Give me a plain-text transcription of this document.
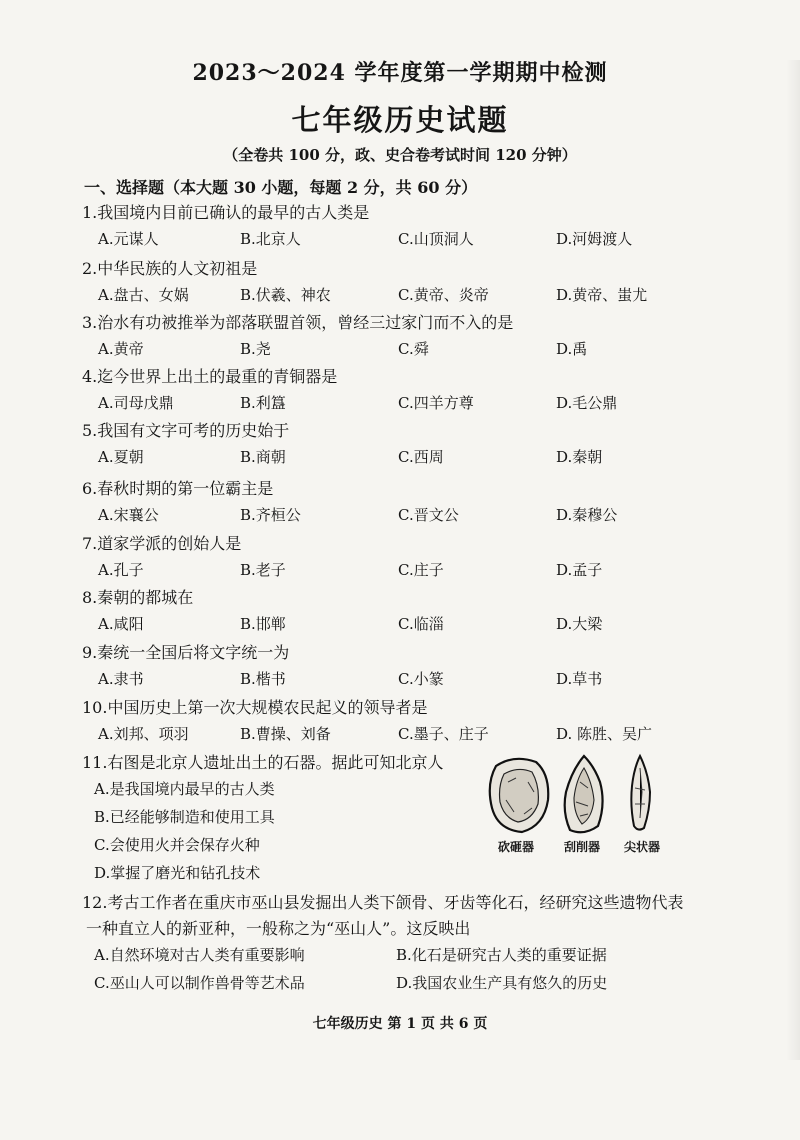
2023～2024 学年度第一学期期中检测
七年级历史试题
（全卷共 100 分，政、史合卷考试时间 120 分钟）
一、选择题（本大题 30 小题，每题 2 分，共 60 分）
1.我国境内目前已确认的最早的古人类是
A.元谋人	B.北京人	C.山顶洞人	D.河姆渡人
2.中华民族的人文初祖是
A.盘古、女娲	B.伏羲、神农	C.黄帝、炎帝	D.黄帝、蚩尤
3.治水有功被推举为部落联盟首领，曾经三过家门而不入的是
A.黄帝	B.尧	C.舜	D.禹
4.迄今世界上出土的最重的青铜器是
A.司母戊鼎	B.利簋	C.四羊方尊	D.毛公鼎
5.我国有文字可考的历史始于
A.夏朝	B.商朝	C.西周	D.秦朝
6.春秋时期的第一位霸主是
A.宋襄公	B.齐桓公	C.晋文公	D.秦穆公
7.道家学派的创始人是
A.孔子	B.老子	C.庄子	D.孟子
8.秦朝的都城在
A.咸阳	B.邯郸	C.临淄	D.大梁
9.秦统一全国后将文字统一为
A.隶书	B.楷书	C.小篆	D.草书
10.中国历史上第一次大规模农民起义的领导者是
A.刘邦、项羽	B.曹操、刘备	C.墨子、庄子	D. 陈胜、吴广
11.右图是北京人遗址出土的石器。据此可知北京人
A.是我国境内最早的古人类
B.已经能够制造和使用工具
C.会使用火并会保存火种
D.掌握了磨光和钻孔技术
砍砸器 刮削器 尖状器
12.考古工作者在重庆市巫山县发掘出人类下颌骨、牙齿等化石，经研究这些遗物代表
一种直立人的新亚种，一般称之为“巫山人”。这反映出
A.自然环境对古人类有重要影响	B.化石是研究古人类的重要证据
C.巫山人可以制作兽骨等艺术品	D.我国农业生产具有悠久的历史
七年级历史 第 1 页 共 6 页
